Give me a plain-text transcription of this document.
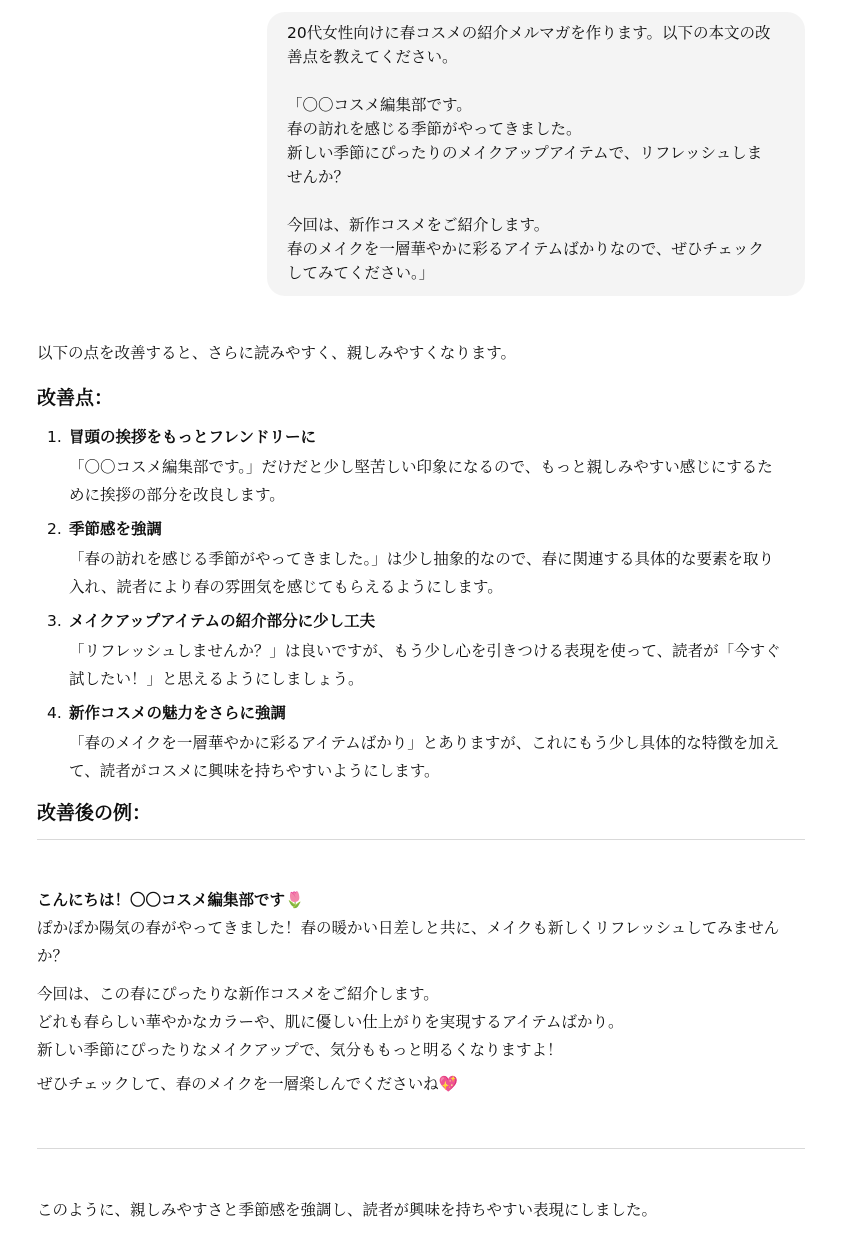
20代女性向けに春コスメの紹介メルマガを作ります。以下の本文の改

善点を教えてください。

「〇〇コスメ編集部です。

春の訪れを感じる季節がやってきました。

新しい季節にぴったりのメイクアップアイテムで、リフレッシュしま

せんか？

今回は、新作コスメをご紹介します。

春のメイクを一層華やかに彩るアイテムばかりなので、ぜひチェック

してみてください。」

以下の点を改善すると、さらに読みやすく、親しみやすくなります。

改善点：
1. 冒頭の挨拶をもっとフレンドリーに
「〇〇コスメ編集部です。」だけだと少し堅苦しい印象になるので、もっと親しみやすい感じにするた
めに挨拶の部分を改良します。
2. 季節感を強調
「春の訪れを感じる季節がやってきました。」は少し抽象的なので、春に関連する具体的な要素を取り
入れ、読者により春の雰囲気を感じてもらえるようにします。
3. メイクアップアイテムの紹介部分に少し工夫
「リフレッシュしませんか？」は良いですが、もう少し心を引きつける表現を使って、読者が「今すぐ
試したい！」と思えるようにしましょう。
4. 新作コスメの魅力をさらに強調
「春のメイクを一層華やかに彩るアイテムばかり」とありますが、これにもう少し具体的な特徴を加え
て、読者がコスメに興味を持ちやすいようにします。
改善後の例：
こんにちは！〇〇コスメ編集部です🌷
ぽかぽか陽気の春がやってきました！春の暖かい日差しと共に、メイクも新しくリフレッシュしてみません
か？
今回は、この春にぴったりな新作コスメをご紹介します。
どれも春らしい華やかなカラーや、肌に優しい仕上がりを実現するアイテムばかり。
新しい季節にぴったりなメイクアップで、気分ももっと明るくなりますよ！
ぜひチェックして、春のメイクを一層楽しんでくださいね💖

このように、親しみやすさと季節感を強調し、読者が興味を持ちやすい表現にしました。
